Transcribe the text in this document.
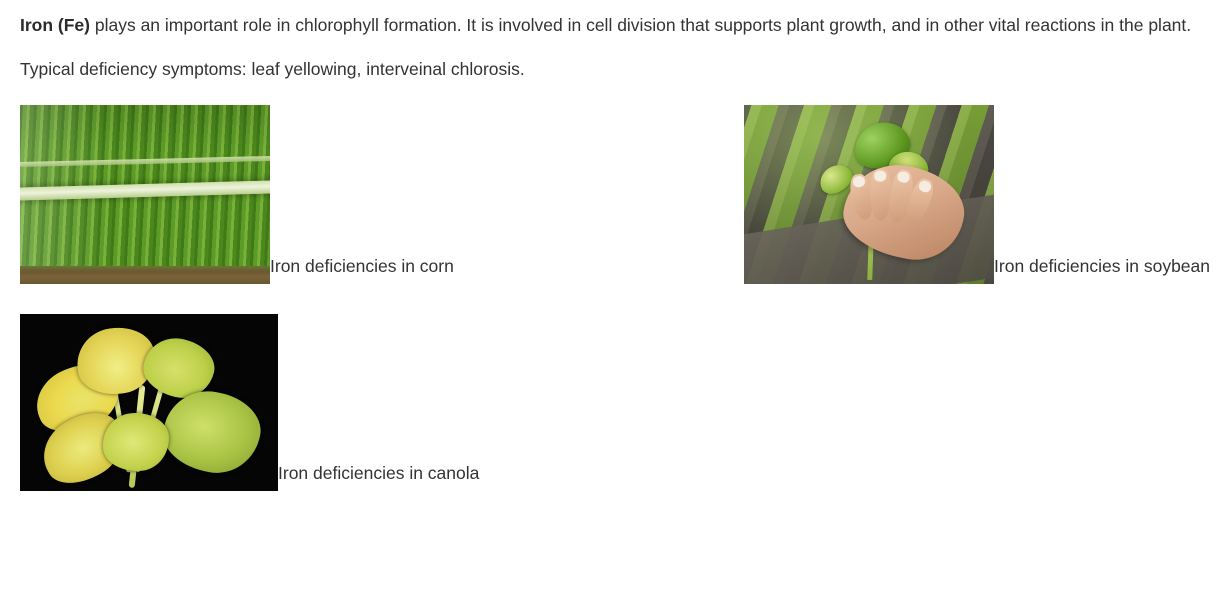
Iron (Fe) plays an important role in chlorophyll formation. It is involved in cell division that supports plant growth, and in other vital reactions in the plant.

Typical deficiency symptoms: leaf yellowing, interveinal chlorosis.

Iron deficiencies in corn	Iron deficiencies in soybean
Iron deficiencies in canola
